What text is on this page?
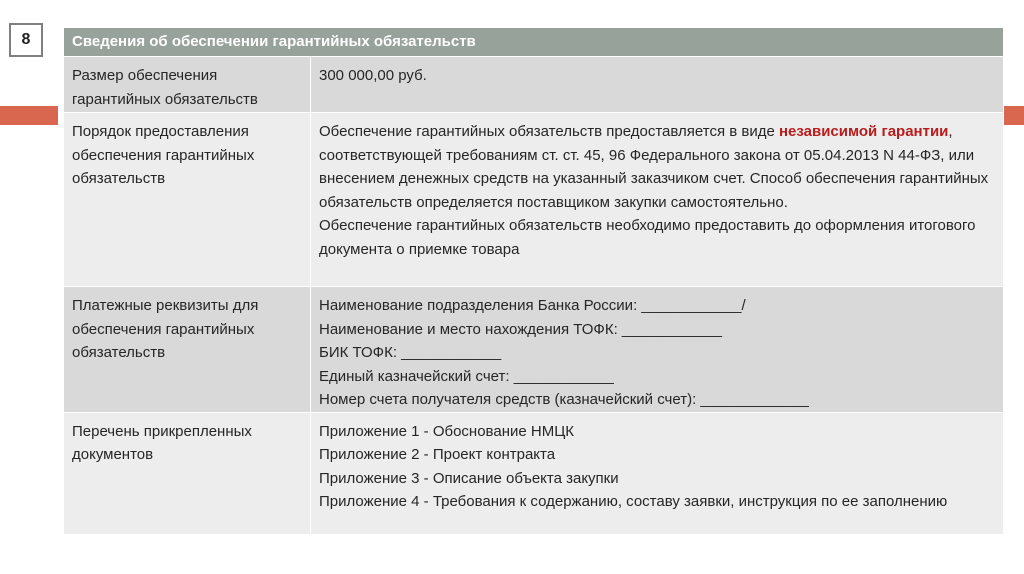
8	Сведения об обеспечении гарантийных обязательств	
Размер обеспечения гарантийных обязательств	300 000,00 руб.
Порядок предоставления обеспечения гарантийных обязательств	Обеспечение гарантийных обязательств предоставляется в виде независимой гарантии, соответствующей требованиям ст. ст. 45, 96 Федерального закона от 05.04.2013 N 44-ФЗ, или внесением денежных средств на указанный заказчиком счет. Способ обеспечения гарантийных обязательств определяется поставщиком закупки самостоятельно.
Обеспечение гарантийных обязательств необходимо предоставить до оформления итогового документа о приемке товара

Платежные реквизиты для обеспечения гарантийных обязательств	Наименование подразделения Банка России: ____________/
Наименование и место нахождения ТОФК: ____________
БИК ТОФК: ____________
Единый казначейский счет: ____________
Номер счета получателя средств (казначейский счет): _____________

Перечень прикрепленных документов	Приложение 1 - Обоснование НМЦК
Приложение 2 - Проект контракта
Приложение 3 - Описание объекта закупки
Приложение 4 - Требования к содержанию, составу заявки, инструкция по ее заполнению
